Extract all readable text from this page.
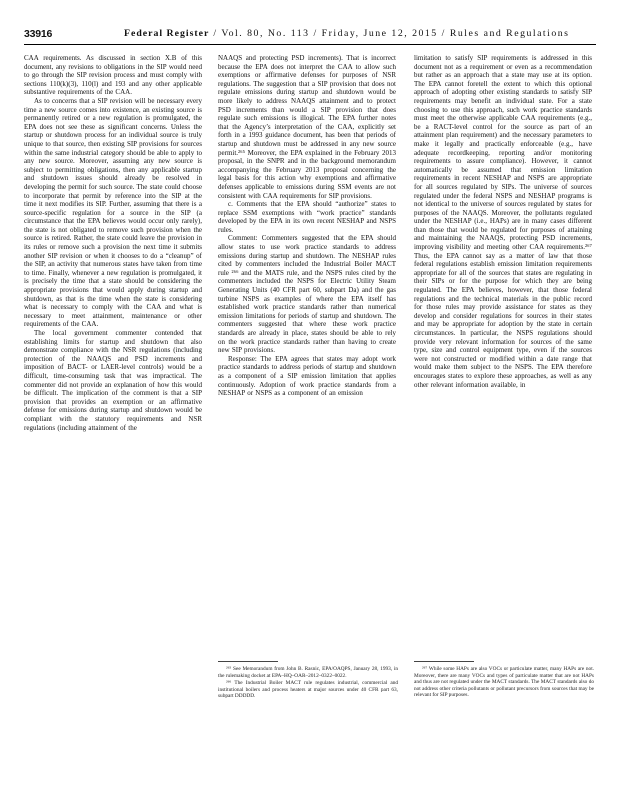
33916	Federal Register / Vol. 80, No. 113 / Friday, June 12, 2015 / Rules and Regulations

CAA requirements. As discussed in section X.B of this document, any revisions to obligations in the SIP would need to go through the SIP revision process and must comply with sections 110(k)(3), 110(l) and 193 and any other applicable substantive requirements of the CAA.

As to concerns that a SIP revision will be necessary every time a new source comes into existence, an existing source is permanently retired or a new regulation is promulgated, the EPA does not see these as significant concerns. Unless the startup or shutdown process for an individual source is truly unique to that source, then existing SIP provisions for sources within the same industrial category should be able to apply to any new source. Moreover, assuming any new source is subject to permitting obligations, then any applicable startup and shutdown issues should already be resolved in developing the permit for such source. The state could choose to incorporate that permit by reference into the SIP at the time it next modifies its SIP. Further, assuming that there is a source-specific regulation for a source in the SIP (a circumstance that the EPA believes would occur only rarely), the state is not obligated to remove such provision when the source is retired. Rather, the state could leave the provision in its rules or remove such a provision the next time it submits another SIP revision or when it chooses to do a “cleanup” of the SIP, an activity that numerous states have taken from time to time. Finally, whenever a new regulation is promulgated, it is precisely the time that a state should be considering the appropriate provisions that would apply during startup and shutdown, as that is the time when the state is considering what is necessary to comply with the CAA and what is necessary to meet attainment, maintenance or other requirements of the CAA.

The local government commenter contended that establishing limits for startup and shutdown that also demonstrate compliance with the NSR regulations (including protection of the NAAQS and PSD increments and imposition of BACT- or LAER-level controls) would be a difficult, time-consuming task that was impractical. The commenter did not provide an explanation of how this would be difficult. The implication of the comment is that a SIP provision that provides an exemption or an affirmative defense for emissions during startup and shutdown would be compliant with the statutory requirements and NSR regulations (including attainment of the

NAAQS and protecting PSD increments). That is incorrect because the EPA does not interpret the CAA to allow such exemptions or affirmative defenses for purposes of NSR regulations. The suggestion that a SIP provision that does not regulate emissions during startup and shutdown would be more likely to address NAAQS attainment and to protect PSD increments than would a SIP provision that does regulate such emissions is illogical. The EPA further notes that the Agency’s interpretation of the CAA, explicitly set forth in a 1993 guidance document, has been that periods of startup and shutdown must be addressed in any new source permit.²⁶⁵ Moreover, the EPA explained in the February 2013 proposal, in the SNPR and in the background memorandum accompanying the February 2013 proposal concerning the legal basis for this action why exemptions and affirmative defenses applicable to emissions during SSM events are not consistent with CAA requirements for SIP provisions.

c. Comments that the EPA should “authorize” states to replace SSM exemptions with “work practice” standards developed by the EPA in its own recent NESHAP and NSPS rules.

Comment: Commenters suggested that the EPA should allow states to use work practice standards to address emissions during startup and shutdown. The NESHAP rules cited by commenters included the Industrial Boiler MACT rule ²⁶⁶ and the MATS rule, and the NSPS rules cited by the commenters included the NSPS for Electric Utility Steam Generating Units (40 CFR part 60, subpart Da) and the gas turbine NSPS as examples of where the EPA itself has established work practice standards rather than numerical emission limitations for periods of startup and shutdown. The commenters suggested that where these work practice standards are already in place, states should be able to rely on the work practice standards rather than having to create new SIP provisions.

Response: The EPA agrees that states may adopt work practice standards to address periods of startup and shutdown as a component of a SIP emission limitation that applies continuously. Adoption of work practice standards from a NESHAP or NSPS as a component of an emission

limitation to satisfy SIP requirements is addressed in this document not as a requirement or even as a recommendation but rather as an approach that a state may use at its option. The EPA cannot foretell the extent to which this optional approach of adopting other existing standards to satisfy SIP requirements may benefit an individual state. For a state choosing to use this approach, such work practice standards must meet the otherwise applicable CAA requirements (e.g., be a RACT-level control for the source as part of an attainment plan requirement) and the necessary parameters to make it legally and practically enforceable (e.g., have adequate recordkeeping, reporting and/or monitoring requirements to assure compliance). However, it cannot automatically be assumed that emission limitation requirements in recent NESHAP and NSPS are appropriate for all sources regulated by SIPs. The universe of sources regulated under the federal NSPS and NESHAP programs is not identical to the universe of sources regulated by states for purposes of the NAAQS. Moreover, the pollutants regulated under the NESHAP (i.e., HAPs) are in many cases different than those that would be regulated for purposes of attaining and maintaining the NAAQS, protecting PSD increments, improving visibility and meeting other CAA requirements.²⁶⁷ Thus, the EPA cannot say as a matter of law that those federal regulations establish emission limitation requirements appropriate for all of the sources that states are regulating in their SIPs or for the purpose for which they are being regulated. The EPA believes, however, that those federal regulations and the technical materials in the public record for those rules may provide assistance for states as they develop and consider regulations for sources in their states and may be appropriate for adoption by the state in certain circumstances. In particular, the NSPS regulations should provide very relevant information for sources of the same type, size and control equipment type, even if the sources were not constructed or modified within a date range that would make them subject to the NSPS. The EPA therefore encourages states to explore these approaches, as well as any other relevant information available, in

²⁶⁵ See Memorandum from John B. Rasnic, EPA/OAQPS, January 28, 1993, in the rulemaking docket at EPA–HQ–OAR–2012–0322–0022.

²⁶⁶ The Industrial Boiler MACT rule regulates industrial, commercial and institutional boilers and process heaters at major sources under 40 CFR part 63, subpart DDDDD.

²⁶⁷ While some HAPs are also VOCs or particulate matter, many HAPs are not. Moreover, there are many VOCs and types of particulate matter that are not HAPs and thus are not regulated under the MACT standards. The MACT standards also do not address other criteria pollutants or pollutant precursors from sources that may be relevant for SIP purposes.
